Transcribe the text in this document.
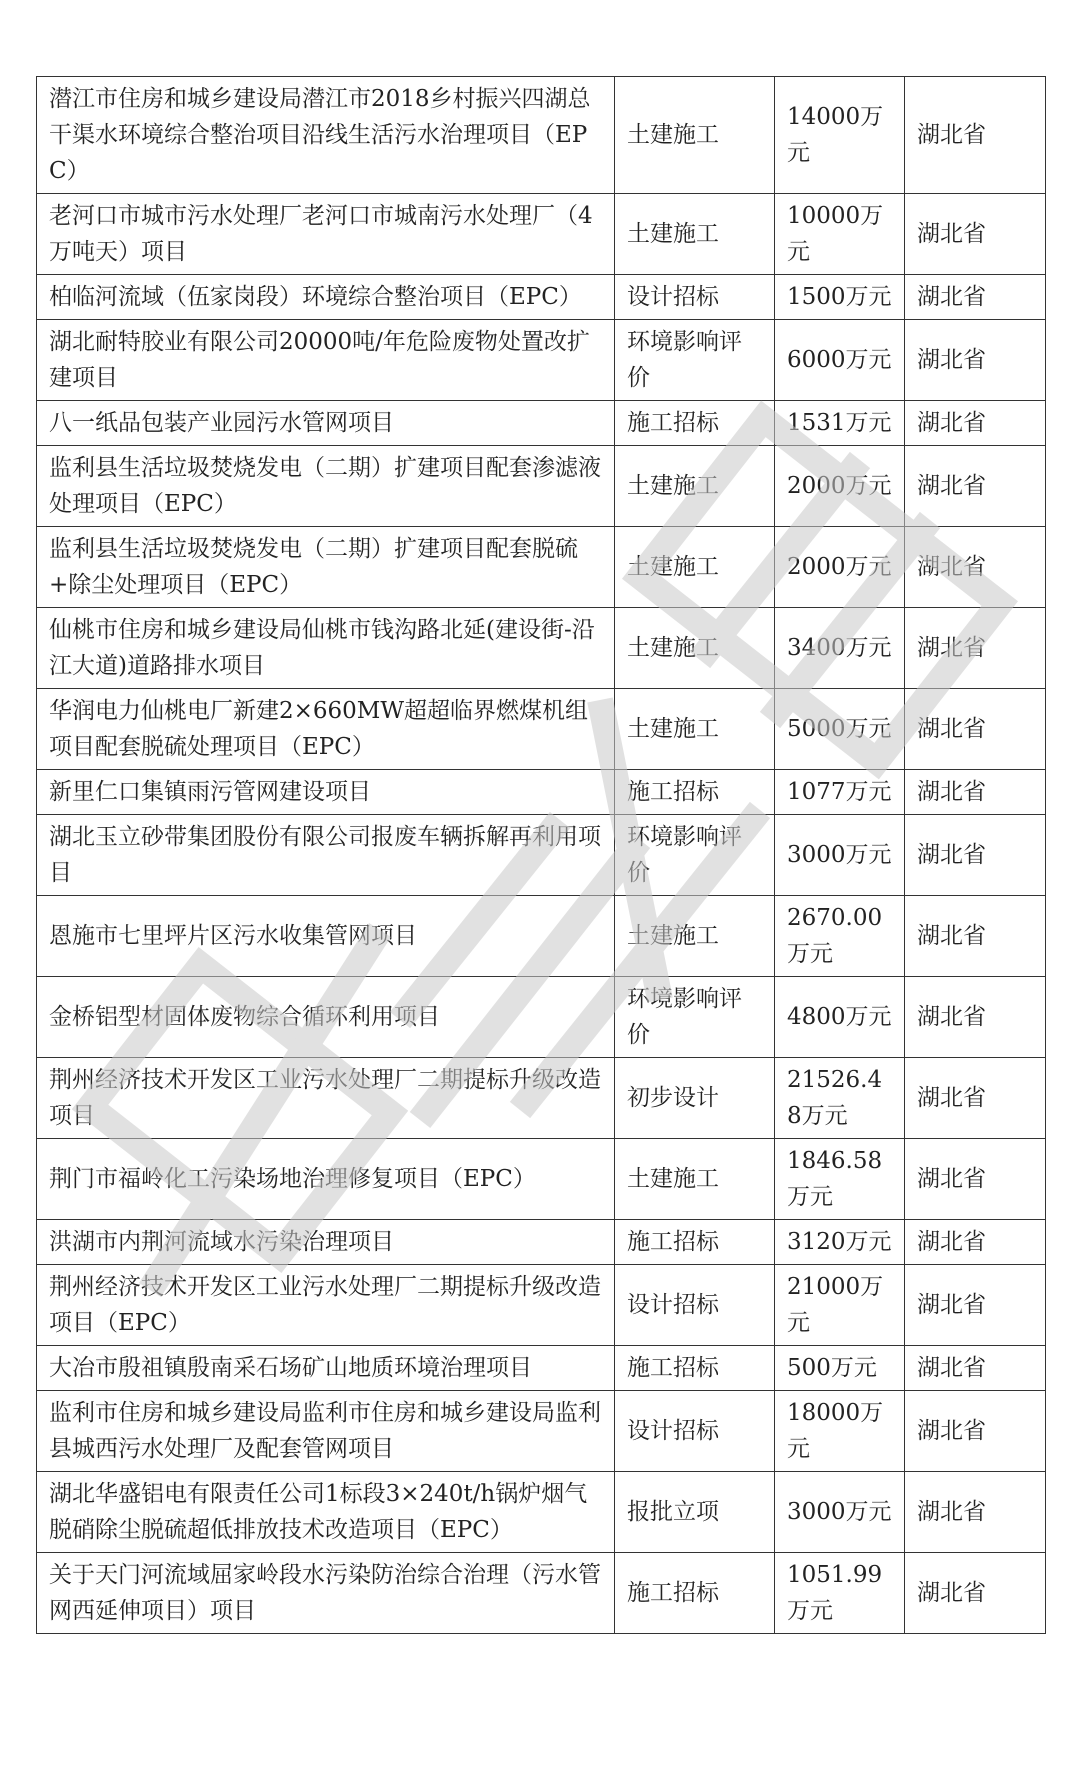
潜江市住房和城乡建设局潜江市2018乡村振兴四湖总干渠水环境综合整治项目沿线生活污水治理项目（EPC）	土建施工	14000万元	湖北省
老河口市城市污水处理厂老河口市城南污水处理厂（4万吨天）项目	土建施工	10000万元	湖北省
柏临河流域（伍家岗段）环境综合整治项目（EPC）	设计招标	1500万元	湖北省
湖北耐特胶业有限公司20000吨/年危险废物处置改扩建项目	环境影响评价	6000万元	湖北省
八一纸品包装产业园污水管网项目	施工招标	1531万元	湖北省
监利县生活垃圾焚烧发电（二期）扩建项目配套渗滤液处理项目（EPC）	土建施工	2000万元	湖北省
监利县生活垃圾焚烧发电（二期）扩建项目配套脱硫+除尘处理项目（EPC）	土建施工	2000万元	湖北省
仙桃市住房和城乡建设局仙桃市钱沟路北延(建设街-沿江大道)道路排水项目	土建施工	3400万元	湖北省
华润电力仙桃电厂新建2×660MW超超临界燃煤机组项目配套脱硫处理项目（EPC）	土建施工	5000万元	湖北省
新里仁口集镇雨污管网建设项目	施工招标	1077万元	湖北省
湖北玉立砂带集团股份有限公司报废车辆拆解再利用项目	环境影响评价	3000万元	湖北省
恩施市七里坪片区污水收集管网项目	土建施工	2670.00万元	湖北省
金桥铝型材固体废物综合循环利用项目	环境影响评价	4800万元	湖北省
荆州经济技术开发区工业污水处理厂二期提标升级改造项目	初步设计	21526.48万元	湖北省
荆门市福岭化工污染场地治理修复项目（EPC）	土建施工	1846.58万元	湖北省
洪湖市内荆河流域水污染治理项目	施工招标	3120万元	湖北省
荆州经济技术开发区工业污水处理厂二期提标升级改造项目（EPC）	设计招标	21000万元	湖北省
大冶市殷祖镇殷南采石场矿山地质环境治理项目	施工招标	500万元	湖北省
监利市住房和城乡建设局监利市住房和城乡建设局监利县城西污水处理厂及配套管网项目	设计招标	18000万元	湖北省
湖北华盛铝电有限责任公司1标段3×240t/h锅炉烟气脱硝除尘脱硫超低排放技术改造项目（EPC）	报批立项	3000万元	湖北省
关于天门河流域屈家岭段水污染防治综合治理（污水管网西延伸项目）项目	施工招标	1051.99万元	湖北省
